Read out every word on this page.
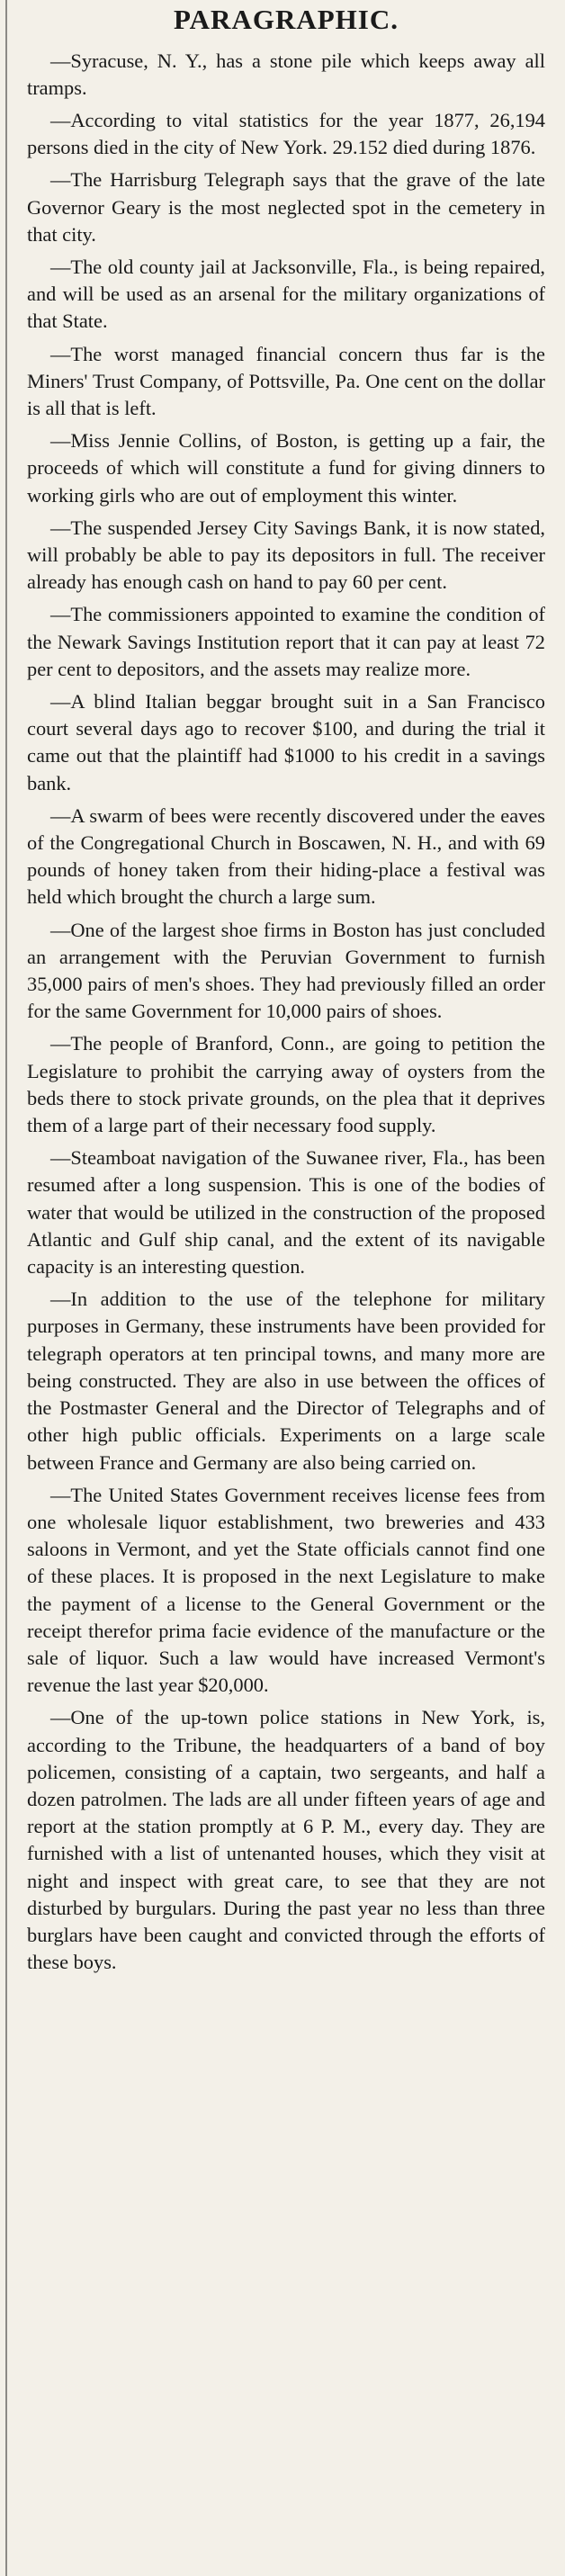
PARAGRAPHIC.

—Syracuse, N. Y., has a stone pile which keeps away all tramps.

—According to vital statistics for the year 1877, 26,194 persons died in the city of New York. 29.152 died during 1876.

—The Harrisburg Telegraph says that the grave of the late Governor Geary is the most neglected spot in the cemetery in that city.

—The old county jail at Jacksonville, Fla., is being repaired, and will be used as an arsenal for the military organizations of that State.

—The worst managed financial concern thus far is the Miners' Trust Company, of Pottsville, Pa. One cent on the dollar is all that is left.

—Miss Jennie Collins, of Boston, is getting up a fair, the proceeds of which will constitute a fund for giving dinners to working girls who are out of employment this winter.

—The suspended Jersey City Savings Bank, it is now stated, will probably be able to pay its depositors in full. The receiver already has enough cash on hand to pay 60 per cent.

—The commissioners appointed to examine the condition of the Newark Savings Institution report that it can pay at least 72 per cent to depositors, and the assets may realize more.

—A blind Italian beggar brought suit in a San Francisco court several days ago to recover $100, and during the trial it came out that the plaintiff had $1000 to his credit in a savings bank.

—A swarm of bees were recently discovered under the eaves of the Congregational Church in Boscawen, N. H., and with 69 pounds of honey taken from their hiding-place a festival was held which brought the church a large sum.

—One of the largest shoe firms in Boston has just concluded an arrangement with the Peruvian Government to furnish 35,000 pairs of men's shoes. They had previously filled an order for the same Government for 10,000 pairs of shoes.

—The people of Branford, Conn., are going to petition the Legislature to prohibit the carrying away of oysters from the beds there to stock private grounds, on the plea that it deprives them of a large part of their necessary food supply.

—Steamboat navigation of the Suwanee river, Fla., has been resumed after a long suspension. This is one of the bodies of water that would be utilized in the construction of the proposed Atlantic and Gulf ship canal, and the extent of its navigable capacity is an interesting question.

—In addition to the use of the telephone for military purposes in Germany, these instruments have been provided for telegraph operators at ten principal towns, and many more are being constructed. They are also in use between the offices of the Postmaster General and the Director of Telegraphs and of other high public officials. Experiments on a large scale between France and Germany are also being carried on.

—The United States Government receives license fees from one wholesale liquor establishment, two breweries and 433 saloons in Vermont, and yet the State officials cannot find one of these places. It is proposed in the next Legislature to make the payment of a license to the General Government or the receipt therefor prima facie evidence of the manufacture or the sale of liquor. Such a law would have increased Vermont's revenue the last year $20,000.

—One of the up-town police stations in New York, is, according to the Tribune, the headquarters of a band of boy policemen, consisting of a captain, two sergeants, and half a dozen patrolmen. The lads are all under fifteen years of age and report at the station promptly at 6 P. M., every day. They are furnished with a list of untenanted houses, which they visit at night and inspect with great care, to see that they are not disturbed by burgulars. During the past year no less than three burglars have been caught and convicted through the efforts of these boys.
